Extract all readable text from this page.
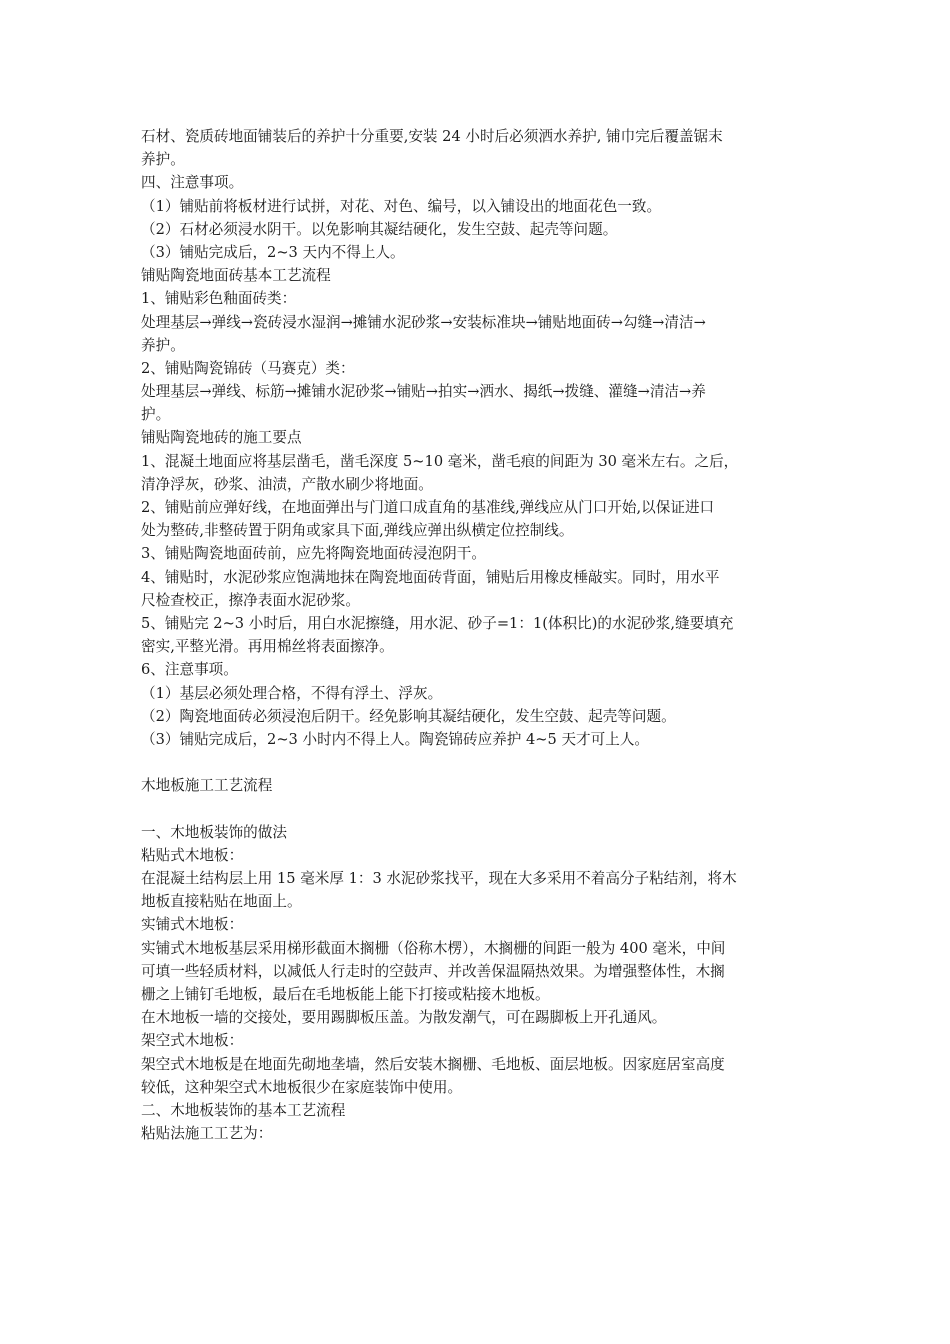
石材、瓷质砖地面铺装后的养护十分重要,安装 24 小时后必须洒水养护, 铺巾完后覆盖锯末
养护。
四、注意事项。
（1）铺贴前将板材进行试拼，对花、对色、编号，以入铺设出的地面花色一致。
（2）石材必须浸水阴干。以免影响其凝结硬化，发生空鼓、起壳等问题。
（3）铺贴完成后，2~3 天内不得上人。
铺贴陶瓷地面砖基本工艺流程
1、铺贴彩色釉面砖类：
处理基层→弹线→瓷砖浸水湿润→摊铺水泥砂浆→安装标准块→铺贴地面砖→勾缝→清洁→
养护。
2、铺贴陶瓷锦砖（马赛克）类：
处理基层→弹线、标筋→摊铺水泥砂浆→铺贴→拍实→洒水、揭纸→拨缝、灌缝→清洁→养
护。
铺贴陶瓷地砖的施工要点
1、混凝土地面应将基层凿毛，凿毛深度 5~10 毫米，凿毛痕的间距为 30 毫米左右。之后，
清净浮灰，砂浆、油渍，产散水刷少将地面。
2、铺贴前应弹好线，在地面弹出与门道口成直角的基准线,弹线应从门口开始,以保证进口
处为整砖,非整砖置于阴角或家具下面,弹线应弹出纵横定位控制线。
3、铺贴陶瓷地面砖前，应先将陶瓷地面砖浸泡阴干。
4、铺贴时，水泥砂浆应饱满地抹在陶瓷地面砖背面，铺贴后用橡皮棰敲实。同时，用水平
尺检查校正，擦净表面水泥砂浆。
5、铺贴完 2~3 小时后，用白水泥擦缝，用水泥、砂子=1：1(体积比)的水泥砂浆,缝要填充
密实,平整光滑。再用棉丝将表面擦净。
6、注意事项。
（1）基层必须处理合格，不得有浮土、浮灰。
（2）陶瓷地面砖必须浸泡后阴干。经免影响其凝结硬化，发生空鼓、起壳等问题。
（3）铺贴完成后，2~3 小时内不得上人。陶瓷锦砖应养护 4~5 天才可上人。
木地板施工工艺流程
一、木地板装饰的做法
粘贴式木地板：
在混凝土结构层上用 15 毫米厚 1：3 水泥砂浆找平，现在大多采用不着高分子粘结剂，将木
地板直接粘贴在地面上。
实铺式木地板：
实铺式木地板基层采用梯形截面木搁栅（俗称木楞），木搁栅的间距一般为 400 毫米，中间
可填一些轻质材料，以减低人行走时的空鼓声、并改善保温隔热效果。为增强整体性，木搁
栅之上铺钉毛地板，最后在毛地板能上能下打接或粘接木地板。
在木地板一墙的交接处，要用踢脚板压盖。为散发潮气，可在踢脚板上开孔通风。
架空式木地板：
架空式木地板是在地面先砌地垄墙，然后安装木搁栅、毛地板、面层地板。因家庭居室高度
较低，这种架空式木地板很少在家庭装饰中使用。
二、木地板装饰的基本工艺流程
粘贴法施工工艺为：
